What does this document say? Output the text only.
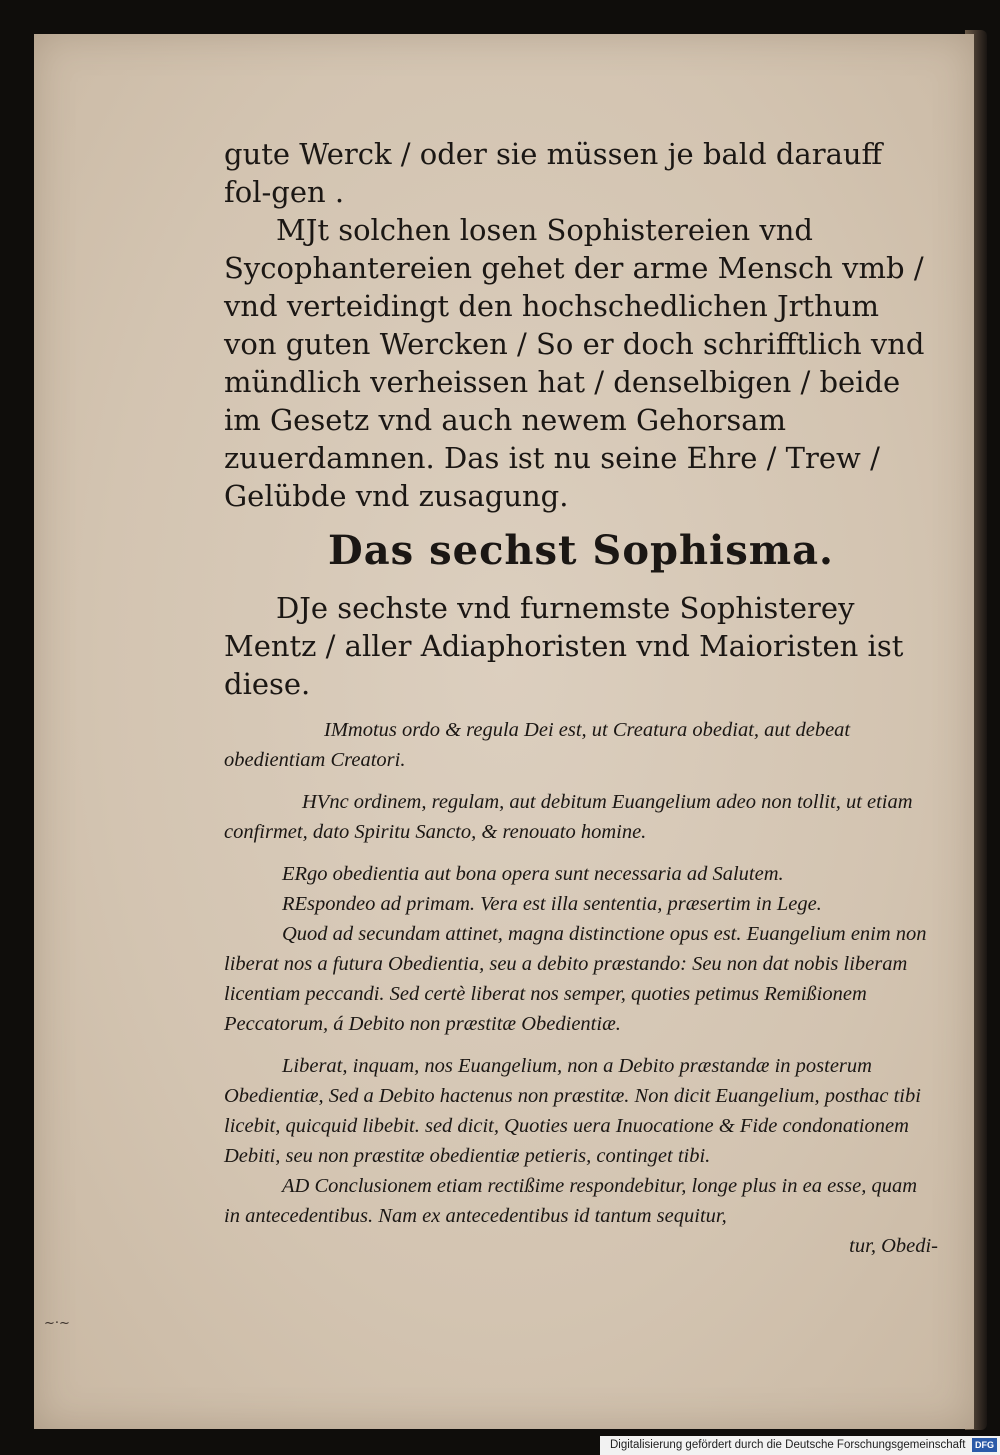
gute Werck / oder sie müssen je bald darauff fol-gen .

MJt solchen losen Sophistereien vnd Sycophantereien gehet der arme Mensch vmb / vnd verteidingt den hochschedlichen Jrthum von guten Wercken / So er doch schrifftlich vnd mündlich verheissen hat / denselbigen / beide im Gesetz vnd auch newem Gehorsam zuuerdamnen. Das ist nu seine Ehre / Trew / Gelübde vnd zusagung.

Das sechst Sophisma.

DJe sechste vnd furnemste Sophisterey Mentz / aller Adiaphoristen vnd Maioristen ist diese.

IMmotus ordo & regula Dei est, ut Creatura obediat, aut debeat obedientiam Creatori.

HVnc ordinem, regulam, aut debitum Euangelium adeo non tollit, ut etiam confirmet, dato Spiritu Sancto, & renouato homine.

ERgo obedientia aut bona opera sunt necessaria ad Salutem.

REspondeo ad primam. Vera est illa sententia, præsertim in Lege.

Quod ad secundam attinet, magna distinctione opus est. Euangelium enim non liberat nos a futura Obedientia, seu a debito præstando: Seu non dat nobis liberam licentiam peccandi. Sed certè liberat nos semper, quoties petimus Remißionem Peccatorum, á Debito non præstitæ Obedientiæ.

Liberat, inquam, nos Euangelium, non a Debito præstandæ in posterum Obedientiæ, Sed a Debito hactenus non præstitæ. Non dicit Euangelium, posthac tibi licebit, quicquid libebit. sed dicit, Quoties uera Inuocatione & Fide condonationem Debiti, seu non præstitæ obedientiæ petieris, continget tibi.

AD Conclusionem etiam rectißime respondebitur, longe plus in ea esse, quam in antecedentibus. Nam ex antecedentibus id tantum sequitur,

tur, Obedi-

~·~
Digitalisierung gefördert durch die Deutsche Forschungsgemeinschaft	DFG
